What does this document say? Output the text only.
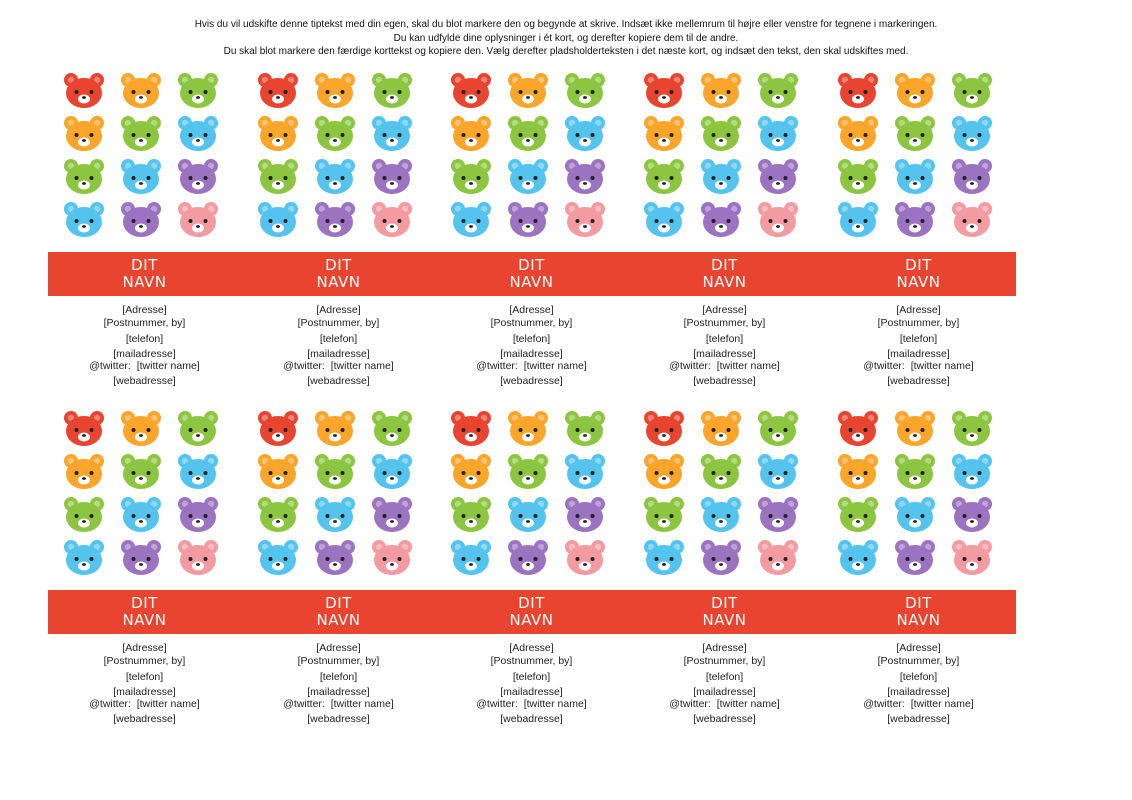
Hvis du vil udskifte denne tiptekst med din egen, skal du blot markere den og begynde at skrive. Indsæt ikke mellemrum til højre eller venstre for tegnene i markeringen.
Du kan udfylde dine oplysninger i ét kort, og derefter kopiere dem til de andre.
Du skal blot markere den færdige korttekst og kopiere den. Vælg derefter pladsholderteksten i det næste kort, og indsæt den tekst, den skal udskiftes med.
DIT
NAVN
[Adresse]
[Postnummer, by]
[telefon]
[mailadresse]
@twitter: [twitter name]
[webadresse]
DIT
NAVN
[Adresse]
[Postnummer, by]
[telefon]
[mailadresse]
@twitter: [twitter name]
[webadresse]
DIT
NAVN
[Adresse]
[Postnummer, by]
[telefon]
[mailadresse]
@twitter: [twitter name]
[webadresse]
DIT
NAVN
[Adresse]
[Postnummer, by]
[telefon]
[mailadresse]
@twitter: [twitter name]
[webadresse]
DIT
NAVN
[Adresse]
[Postnummer, by]
[telefon]
[mailadresse]
@twitter: [twitter name]
[webadresse]
DIT
NAVN
[Adresse]
[Postnummer, by]
[telefon]
[mailadresse]
@twitter: [twitter name]
[webadresse]
DIT
NAVN
[Adresse]
[Postnummer, by]
[telefon]
[mailadresse]
@twitter: [twitter name]
[webadresse]
DIT
NAVN
[Adresse]
[Postnummer, by]
[telefon]
[mailadresse]
@twitter: [twitter name]
[webadresse]
DIT
NAVN
[Adresse]
[Postnummer, by]
[telefon]
[mailadresse]
@twitter: [twitter name]
[webadresse]
DIT
NAVN
[Adresse]
[Postnummer, by]
[telefon]
[mailadresse]
@twitter: [twitter name]
[webadresse]
